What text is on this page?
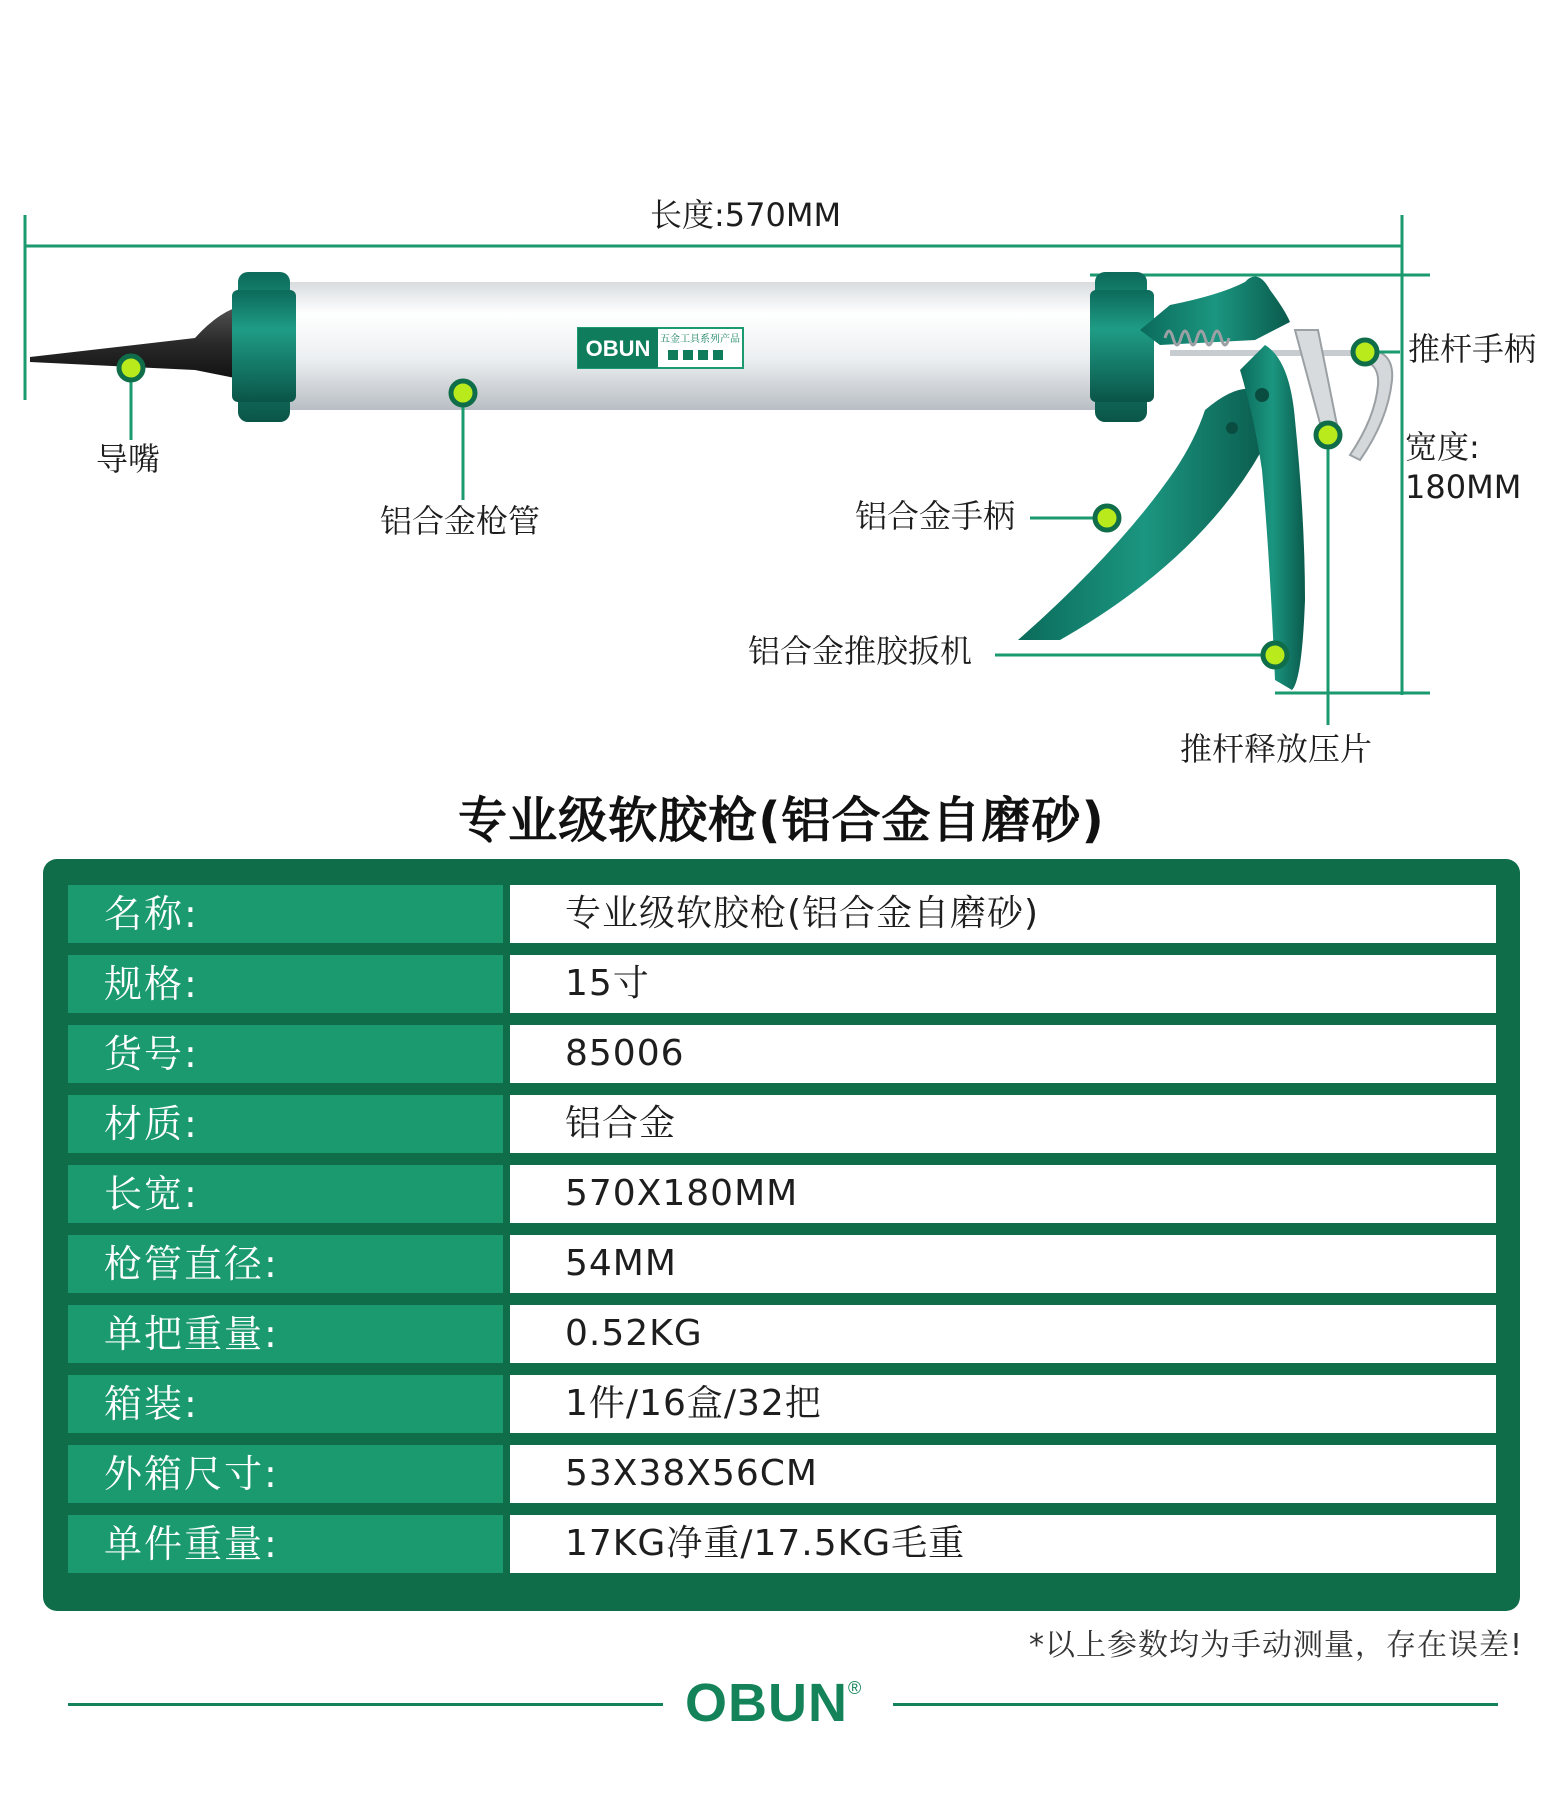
OBUN 五金工具系列产品
长度:570MM
推杆手柄
宽度:
180MM
导嘴
铝合金枪管	铝合金手柄
铝合金推胶扳机
推杆释放压片
专业级软胶枪(铝合金自磨砂)
名称:	专业级软胶枪(铝合金自磨砂)
规格:	15寸
货号:	85006
材质:	铝合金
长宽:	570X180MM
枪管直径:	54MM
单把重量:	0.52KG
箱装:	1件/16盒/32把
外箱尺寸:	53X38X56CM
单件重量:	17KG净重/17.5KG毛重
*以上参数均为手动测量，存在误差!
OBUN®
